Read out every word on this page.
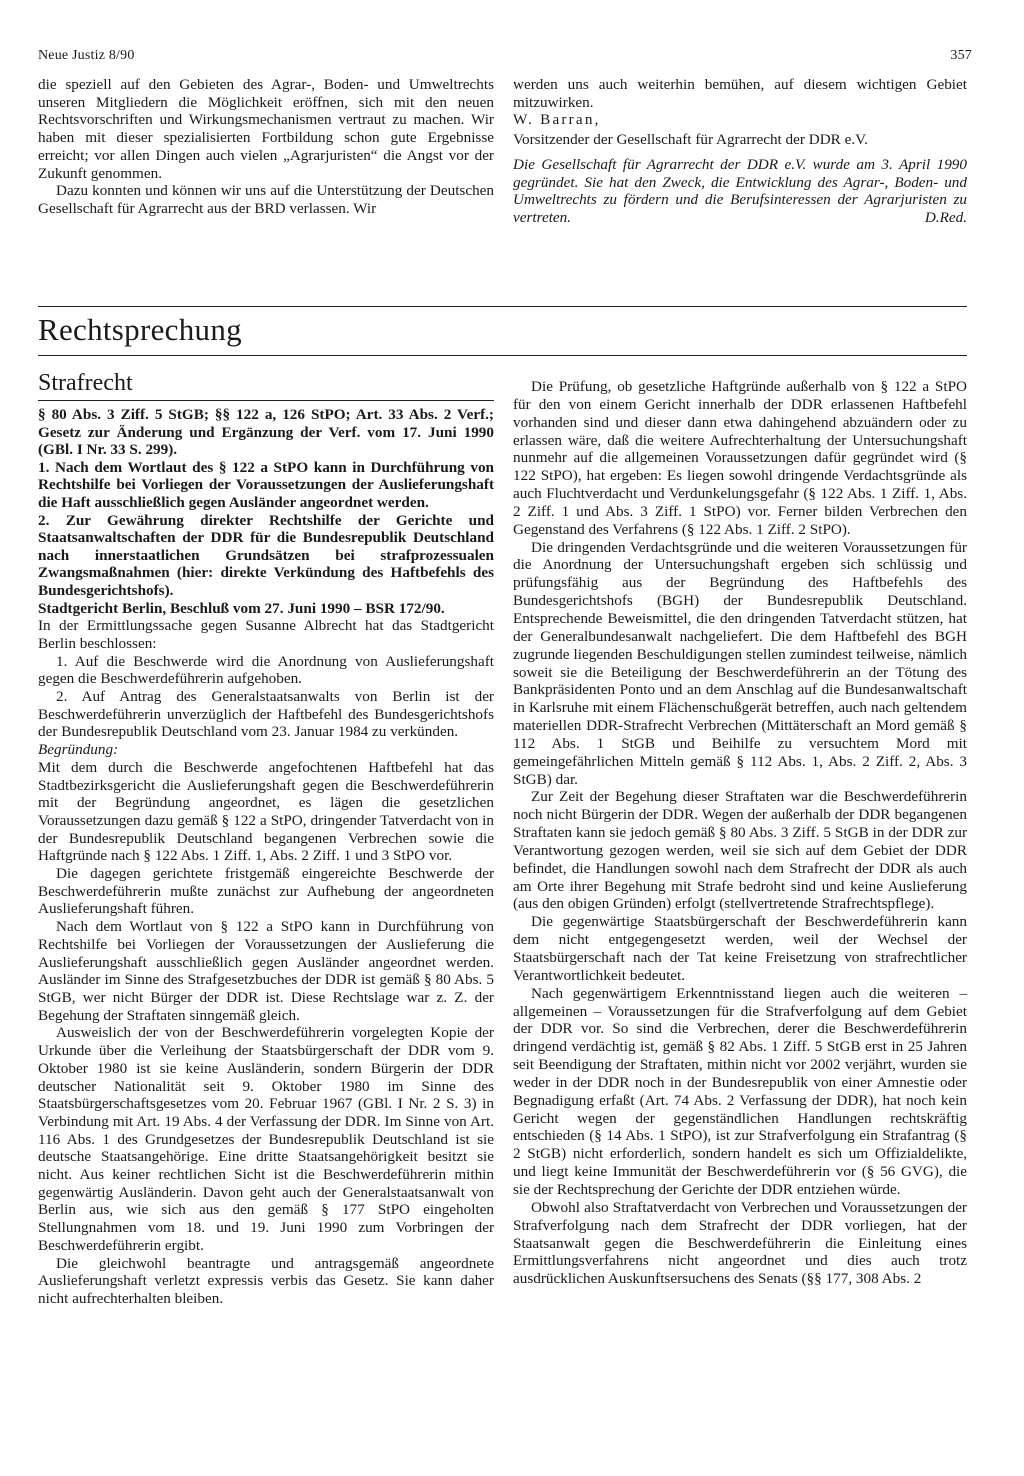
Neue Justiz 8/90	357

die speziell auf den Gebieten des Agrar-, Boden- und Umweltrechts unseren Mitgliedern die Möglichkeit eröffnen, sich mit den neuen Rechtsvorschriften und Wirkungsmechanismen vertraut zu machen. Wir haben mit dieser spezialisierten Fortbildung schon gute Ergebnisse erreicht; vor allen Dingen auch vielen „Agrarjuristen“ die Angst vor der Zukunft genommen.

Dazu konnten und können wir uns auf die Unterstützung der Deutschen Gesellschaft für Agrarrecht aus der BRD verlassen. Wir

werden uns auch weiterhin bemühen, auf diesem wichtigen Gebiet mitzuwirken.

W. Barran,

Vorsitzender der Gesellschaft für Agrarrecht der DDR e.V.

Die Gesellschaft für Agrarrecht der DDR e.V. wurde am 3. April 1990 gegründet. Sie hat den Zweck, die Entwicklung des Agrar-, Boden- und Umweltrechts zu fördern und die Berufsinteressen der Agrarjuristen zu vertreten.	D.Red.

Rechtsprechung
Strafrecht

§ 80 Abs. 3 Ziff. 5 StGB; §§ 122 a, 126 StPO; Art. 33 Abs. 2 Verf.; Gesetz zur Änderung und Ergänzung der Verf. vom 17. Juni 1990 (GBl. I Nr. 33 S. 299).

1. Nach dem Wortlaut des § 122 a StPO kann in Durchführung von Rechtshilfe bei Vorliegen der Voraussetzungen der Auslieferungshaft die Haft ausschließlich gegen Ausländer angeordnet werden.

2. Zur Gewährung direkter Rechtshilfe der Gerichte und Staatsanwaltschaften der DDR für die Bundesrepublik Deutschland nach innerstaatlichen Grundsätzen bei strafprozessualen Zwangsmaßnahmen (hier: direkte Verkündung des Haftbefehls des Bundesgerichtshofs).

Stadtgericht Berlin, Beschluß vom 27. Juni 1990 – BSR 172/90.

In der Ermittlungssache gegen Susanne Albrecht hat das Stadtgericht Berlin beschlossen:

1. Auf die Beschwerde wird die Anordnung von Auslieferungshaft gegen die Beschwerdeführerin aufgehoben.

2. Auf Antrag des Generalstaatsanwalts von Berlin ist der Beschwerdeführerin unverzüglich der Haftbefehl des Bundesgerichtshofs der Bundesrepublik Deutschland vom 23. Januar 1984 zu verkünden.

Begründung:

Mit dem durch die Beschwerde angefochtenen Haftbefehl hat das Stadtbezirksgericht die Auslieferungshaft gegen die Beschwerdeführerin mit der Begründung angeordnet, es lägen die gesetzlichen Voraussetzungen dazu gemäß § 122 a StPO, dringender Tatverdacht von in der Bundesrepublik Deutschland begangenen Verbrechen sowie die Haftgründe nach § 122 Abs. 1 Ziff. 1, Abs. 2 Ziff. 1 und 3 StPO vor.

Die dagegen gerichtete fristgemäß eingereichte Beschwerde der Beschwerdeführerin mußte zunächst zur Aufhebung der angeordneten Auslieferungshaft führen.

Nach dem Wortlaut von § 122 a StPO kann in Durchführung von Rechtshilfe bei Vorliegen der Voraussetzungen der Auslieferung die Auslieferungshaft ausschließlich gegen Ausländer angeordnet werden. Ausländer im Sinne des Strafgesetzbuches der DDR ist gemäß § 80 Abs. 5 StGB, wer nicht Bürger der DDR ist. Diese Rechtslage war z. Z. der Begehung der Straftaten sinngemäß gleich.

Ausweislich der von der Beschwerdeführerin vorgelegten Kopie der Urkunde über die Verleihung der Staatsbürgerschaft der DDR vom 9. Oktober 1980 ist sie keine Ausländerin, sondern Bürgerin der DDR deutscher Nationalität seit 9. Oktober 1980 im Sinne des Staatsbürgerschaftsgesetzes vom 20. Februar 1967 (GBl. I Nr. 2 S. 3) in Verbindung mit Art. 19 Abs. 4 der Verfassung der DDR. Im Sinne von Art. 116 Abs. 1 des Grundgesetzes der Bundesrepublik Deutschland ist sie deutsche Staatsangehörige. Eine dritte Staatsangehörigkeit besitzt sie nicht. Aus keiner rechtlichen Sicht ist die Beschwerdeführerin mithin gegenwärtig Ausländerin. Davon geht auch der Generalstaatsanwalt von Berlin aus, wie sich aus den gemäß § 177 StPO eingeholten Stellungnahmen vom 18. und 19. Juni 1990 zum Vorbringen der Beschwerdeführerin ergibt.

Die gleichwohl beantragte und antragsgemäß angeordnete Auslieferungshaft verletzt expressis verbis das Gesetz. Sie kann daher nicht aufrechterhalten bleiben.

Die Prüfung, ob gesetzliche Haftgründe außerhalb von § 122 a StPO für den von einem Gericht innerhalb der DDR erlassenen Haftbefehl vorhanden sind und dieser dann etwa dahingehend abzuändern oder zu erlassen wäre, daß die weitere Aufrechterhaltung der Untersuchungshaft nunmehr auf die allgemeinen Voraussetzungen dafür gegründet wird (§ 122 StPO), hat ergeben: Es liegen sowohl dringende Verdachtsgründe als auch Fluchtverdacht und Verdunkelungsgefahr (§ 122 Abs. 1 Ziff. 1, Abs. 2 Ziff. 1 und Abs. 3 Ziff. 1 StPO) vor. Ferner bilden Verbrechen den Gegenstand des Verfahrens (§ 122 Abs. 1 Ziff. 2 StPO).

Die dringenden Verdachtsgründe und die weiteren Voraussetzungen für die Anordnung der Untersuchungshaft ergeben sich schlüssig und prüfungsfähig aus der Begründung des Haftbefehls des Bundesgerichtshofs (BGH) der Bundesrepublik Deutschland. Entsprechende Beweismittel, die den dringenden Tatverdacht stützen, hat der Generalbundesanwalt nachgeliefert. Die dem Haftbefehl des BGH zugrunde liegenden Beschuldigungen stellen zumindest teilweise, nämlich soweit sie die Beteiligung der Beschwerdeführerin an der Tötung des Bankpräsidenten Ponto und an dem Anschlag auf die Bundesanwaltschaft in Karlsruhe mit einem Flächenschußgerät betreffen, auch nach geltendem materiellen DDR-Strafrecht Verbrechen (Mittäterschaft an Mord gemäß § 112 Abs. 1 StGB und Beihilfe zu versuchtem Mord mit gemeingefährlichen Mitteln gemäß § 112 Abs. 1, Abs. 2 Ziff. 2, Abs. 3 StGB) dar.

Zur Zeit der Begehung dieser Straftaten war die Beschwerdeführerin noch nicht Bürgerin der DDR. Wegen der außerhalb der DDR begangenen Straftaten kann sie jedoch gemäß § 80 Abs. 3 Ziff. 5 StGB in der DDR zur Verantwortung gezogen werden, weil sie sich auf dem Gebiet der DDR befindet, die Handlungen sowohl nach dem Strafrecht der DDR als auch am Orte ihrer Begehung mit Strafe bedroht sind und keine Auslieferung (aus den obigen Gründen) erfolgt (stellvertretende Strafrechtspflege).

Die gegenwärtige Staatsbürgerschaft der Beschwerdeführerin kann dem nicht entgegengesetzt werden, weil der Wechsel der Staatsbürgerschaft nach der Tat keine Freisetzung von strafrechtlicher Verantwortlichkeit bedeutet.

Nach gegenwärtigem Erkenntnisstand liegen auch die weiteren – allgemeinen – Voraussetzungen für die Strafverfolgung auf dem Gebiet der DDR vor. So sind die Verbrechen, derer die Beschwerdeführerin dringend verdächtig ist, gemäß § 82 Abs. 1 Ziff. 5 StGB erst in 25 Jahren seit Beendigung der Straftaten, mithin nicht vor 2002 verjährt, wurden sie weder in der DDR noch in der Bundesrepublik von einer Amnestie oder Begnadigung erfaßt (Art. 74 Abs. 2 Verfassung der DDR), hat noch kein Gericht wegen der gegenständlichen Handlungen rechtskräftig entschieden (§ 14 Abs. 1 StPO), ist zur Strafverfolgung ein Strafantrag (§ 2 StGB) nicht erforderlich, sondern handelt es sich um Offizialdelikte, und liegt keine Immunität der Beschwerdeführerin vor (§ 56 GVG), die sie der Rechtsprechung der Gerichte der DDR entziehen würde.

Obwohl also Straftatverdacht von Verbrechen und Voraussetzungen der Strafverfolgung nach dem Strafrecht der DDR vorliegen, hat der Staatsanwalt gegen die Beschwerdeführerin die Einleitung eines Ermittlungsverfahrens nicht angeordnet und dies auch trotz ausdrücklichen Auskunftsersuchens des Senats (§§ 177, 308 Abs. 2
